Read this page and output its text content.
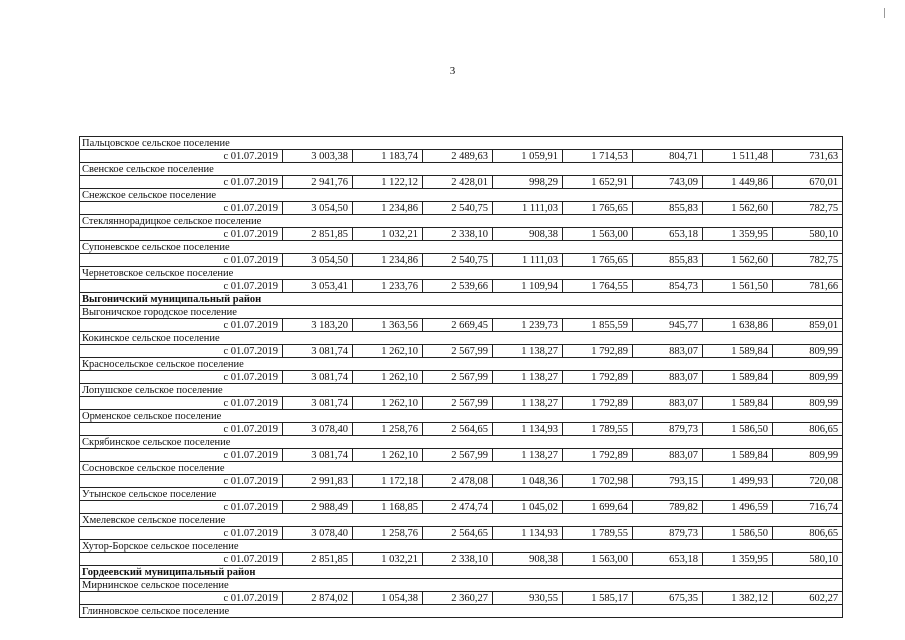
3
Пальцовское сельское поселение								
с 01.07.2019	3 003,38	1 183,74	2 489,63	1 059,91	1 714,53	804,71	1 511,48	731,63
Свенское сельское поселение								
с 01.07.2019	2 941,76	1 122,12	2 428,01	998,29	1 652,91	743,09	1 449,86	670,01
Снежское сельское поселение								
с 01.07.2019	3 054,50	1 234,86	2 540,75	1 111,03	1 765,65	855,83	1 562,60	782,75
Стекляннорадицкое сельское поселение								
с 01.07.2019	2 851,85	1 032,21	2 338,10	908,38	1 563,00	653,18	1 359,95	580,10
Супоневское сельское поселение								
с 01.07.2019	3 054,50	1 234,86	2 540,75	1 111,03	1 765,65	855,83	1 562,60	782,75
Чернетовское сельское поселение								
с 01.07.2019	3 053,41	1 233,76	2 539,66	1 109,94	1 764,55	854,73	1 561,50	781,66
Выгоничский муниципальный район								
Выгоничское городское поселение								
с 01.07.2019	3 183,20	1 363,56	2 669,45	1 239,73	1 855,59	945,77	1 638,86	859,01
Кокинское сельское поселение								
с 01.07.2019	3 081,74	1 262,10	2 567,99	1 138,27	1 792,89	883,07	1 589,84	809,99
Красносельское сельское поселение								
с 01.07.2019	3 081,74	1 262,10	2 567,99	1 138,27	1 792,89	883,07	1 589,84	809,99
Лопушское сельское поселение								
с 01.07.2019	3 081,74	1 262,10	2 567,99	1 138,27	1 792,89	883,07	1 589,84	809,99
Орменское сельское поселение								
с 01.07.2019	3 078,40	1 258,76	2 564,65	1 134,93	1 789,55	879,73	1 586,50	806,65
Скрябинское сельское поселение								
с 01.07.2019	3 081,74	1 262,10	2 567,99	1 138,27	1 792,89	883,07	1 589,84	809,99
Сосновское сельское поселение								
с 01.07.2019	2 991,83	1 172,18	2 478,08	1 048,36	1 702,98	793,15	1 499,93	720,08
Утынское сельское поселение								
с 01.07.2019	2 988,49	1 168,85	2 474,74	1 045,02	1 699,64	789,82	1 496,59	716,74
Хмелевское сельское поселение								
с 01.07.2019	3 078,40	1 258,76	2 564,65	1 134,93	1 789,55	879,73	1 586,50	806,65
Хутор-Борское сельское поселение								
с 01.07.2019	2 851,85	1 032,21	2 338,10	908,38	1 563,00	653,18	1 359,95	580,10
Гордеевский муниципальный район								
Мирнинское сельское поселение								
с 01.07.2019	2 874,02	1 054,38	2 360,27	930,55	1 585,17	675,35	1 382,12	602,27
Глинновское сельское поселение								
